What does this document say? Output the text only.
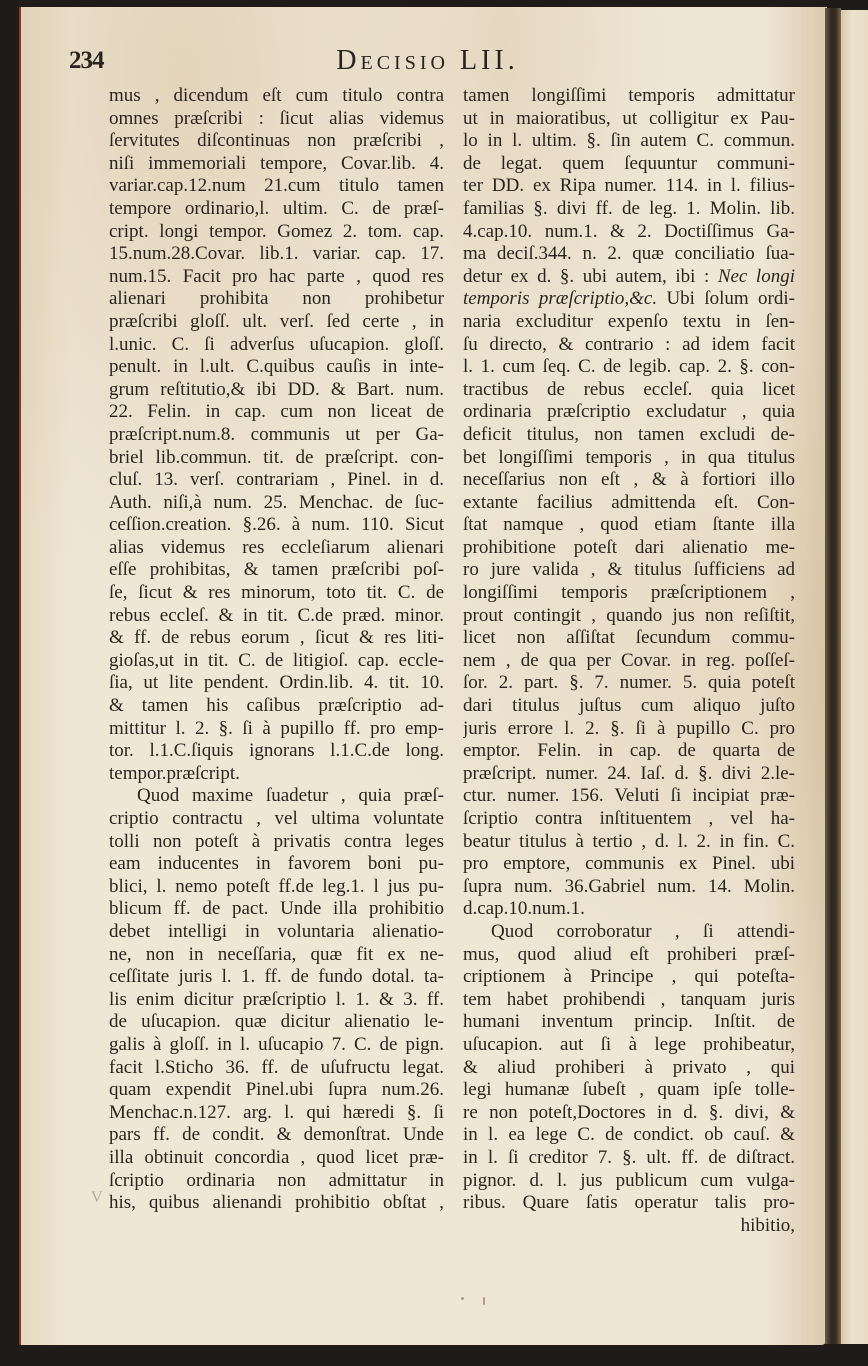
234	Decisio LII.
mus , dicendum eſt cum titulo contra
omnes præſcribi : ſicut alias videmus
ſervitutes diſcontinuas non præſcribi ,
niſi immemoriali tempore, Covar.lib. 4.
variar.cap.12.num 21.cum titulo tamen
tempore ordinario,l. ultim. C. de præſ-
cript. longi tempor. Gomez 2. tom. cap.
15.num.28.Covar. lib.1. variar. cap. 17.
num.15. Facit pro hac parte , quod res
alienari prohibita non prohibetur
præſcribi gloſſ. ult. verſ. ſed certe , in
l.unic. C. ſi adverſus uſucapion. gloſſ.
penult. in l.ult. C.quibus cauſis in inte-
grum reſtitutio,& ibi DD. & Bart. num.
22. Felin. in cap. cum non liceat de
præſcript.num.8. communis ut per Ga-
briel lib.commun. tit. de præſcript. con-
cluſ. 13. verſ. contrariam , Pinel. in d.
Auth. niſi,à num. 25. Menchac. de ſuc-
ceſſion.creation. §.26. à num. 110. Sicut
alias videmus res eccleſiarum alienari
eſſe prohibitas, & tamen præſcribi poſ-
ſe, ſicut & res minorum, toto tit. C. de
rebus eccleſ. & in tit. C.de præd. minor.
& ff. de rebus eorum , ſicut & res liti-
gioſas,ut in tit. C. de litigioſ. cap. eccle-
ſia, ut lite pendent. Ordin.lib. 4. tit. 10.
& tamen his caſibus præſcriptio ad-
mittitur l. 2. §. ſi à pupillo ff. pro emp-
tor. l.1.C.ſiquis ignorans l.1.C.de long.
tempor.præſcript.
Quod maxime ſuadetur , quia præſ-
criptio contractu , vel ultima voluntate
tolli non poteſt à privatis contra leges
eam inducentes in favorem boni pu-
blici, l. nemo poteſt ff.de leg.1. l jus pu-
blicum ff. de pact. Unde illa prohibitio
debet intelligi in voluntaria alienatio-
ne, non in neceſſaria, quæ fit ex ne-
ceſſitate juris l. 1. ff. de fundo dotal. ta-
lis enim dicitur præſcriptio l. 1. & 3. ff.
de uſucapion. quæ dicitur alienatio le-
galis à gloſſ. in l. uſucapio 7. C. de pign.
facit l.Sticho 36. ff. de uſufructu legat.
quam expendit Pinel.ubi ſupra num.26.
Menchac.n.127. arg. l. qui hæredi §. ſi
pars ff. de condit. & demonſtrat. Unde
illa obtinuit concordia , quod licet præ-
ſcriptio ordinaria non admittatur in
his, quibus alienandi prohibitio obſtat ,
tamen longiſſimi temporis admittatur
ut in maioratibus, ut colligitur ex Pau-
lo in l. ultim. §. ſin autem C. commun.
de legat. quem ſequuntur communi-
ter DD. ex Ripa numer. 114. in l. filius-
familias §. divi ff. de leg. 1. Molin. lib.
4.cap.10. num.1. & 2. Doctiſſimus Ga-
ma deciſ.344. n. 2. quæ conciliatio ſua-
detur ex d. §. ubi autem, ibi : Nec longi
temporis præſcriptio,&c. Ubi ſolum ordi-
naria excluditur expenſo textu in ſen-
ſu directo, & contrario : ad idem facit
l. 1. cum ſeq. C. de legib. cap. 2. §. con-
tractibus de rebus eccleſ. quia licet
ordinaria præſcriptio excludatur , quia
deficit titulus, non tamen excludi de-
bet longiſſimi temporis , in qua titulus
neceſſarius non eſt , & à fortiori illo
extante facilius admittenda eſt. Con-
ſtat namque , quod etiam ſtante illa
prohibitione poteſt dari alienatio me-
ro jure valida , & titulus ſufficiens ad
longiſſimi temporis præſcriptionem ,
prout contingit , quando jus non reſiſtit,
licet non aſſiſtat ſecundum commu-
nem , de qua per Covar. in reg. poſſeſ-
ſor. 2. part. §. 7. numer. 5. quia poteſt
dari titulus juſtus cum aliquo juſto
juris errore l. 2. §. ſi à pupillo C. pro
emptor. Felin. in cap. de quarta de
præſcript. numer. 24. Iaſ. d. §. divi 2.le-
ctur. numer. 156. Veluti ſi incipiat præ-
ſcriptio contra inſtituentem , vel ha-
beatur titulus à tertio , d. l. 2. in fin. C.
pro emptore, communis ex Pinel. ubi
ſupra num. 36.Gabriel num. 14. Molin.
d.cap.10.num.1.
Quod corroboratur , ſi attendi-
mus, quod aliud eſt prohiberi præſ-
criptionem à Principe , qui poteſta-
tem habet prohibendi , tanquam juris
humani inventum princip. Inſtit. de
uſucapion. aut ſi à lege prohibeatur,
& aliud prohiberi à privato , qui
legi humanæ ſubeſt , quam ipſe tolle-
re non poteſt,Doctores in d. §. divi, &
in l. ea lege C. de condict. ob cauſ. &
in l. ſi creditor 7. §. ult. ff. de diſtract.
pignor. d. l. jus publicum cum vulga-
ribus. Quare ſatis operatur talis pro-
hibitio,
V
